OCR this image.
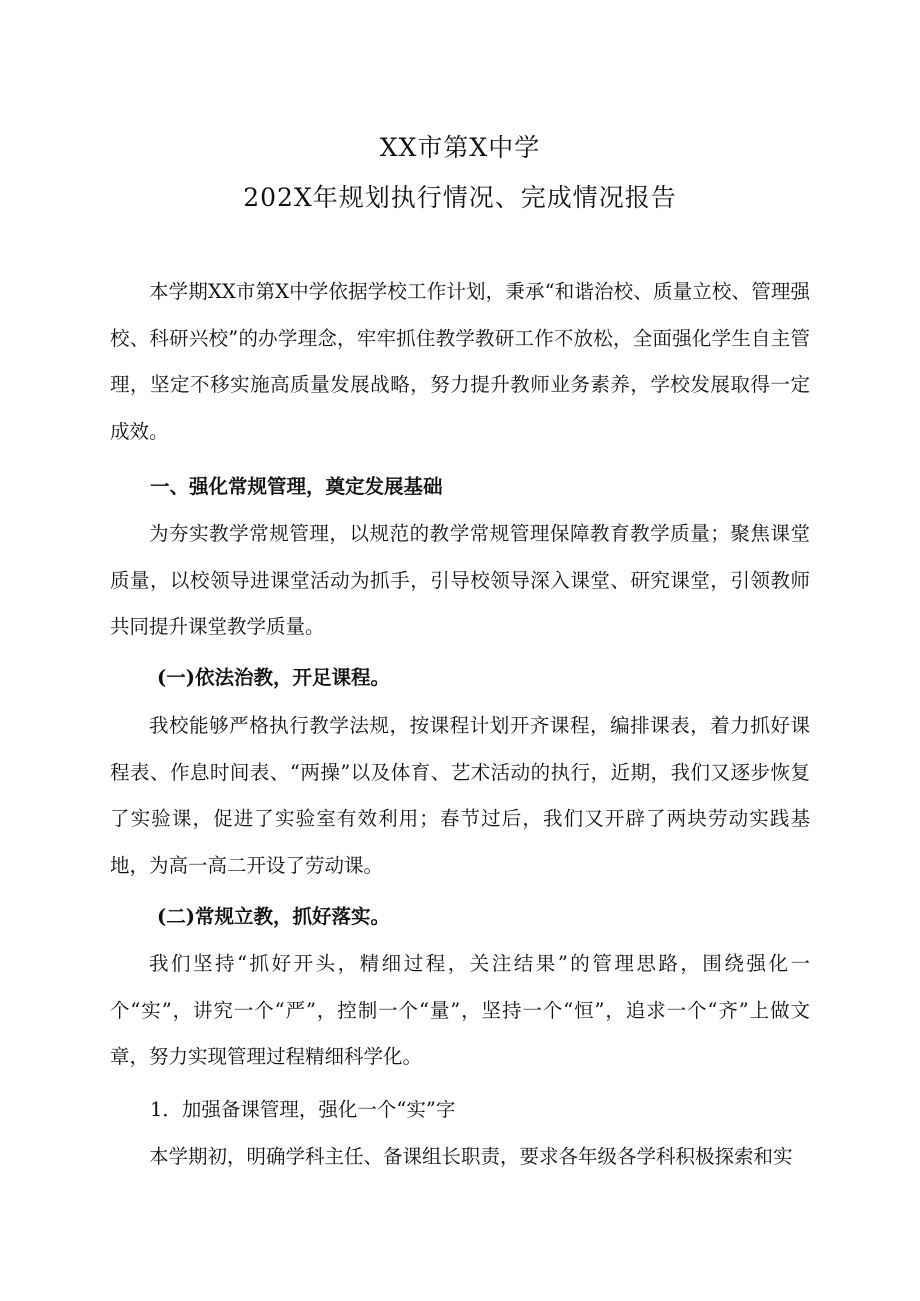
XX市第X中学
202X年规划执行情况、完成情况报告

本学期XX市第X中学依据学校工作计划，秉承“和谐治校、质量立校、管理强校、科研兴校”的办学理念，牢牢抓住教学教研工作不放松，全面强化学生自主管理，坚定不移实施高质量发展战略，努力提升教师业务素养，学校发展取得一定成效。

一、强化常规管理，奠定发展基础

为夯实教学常规管理，以规范的教学常规管理保障教育教学质量；聚焦课堂质量，以校领导进课堂活动为抓手，引导校领导深入课堂、研究课堂，引领教师共同提升课堂教学质量。

(一)依法治教，开足课程。

我校能够严格执行教学法规，按课程计划开齐课程，编排课表，着力抓好课程表、作息时间表、“两操”以及体育、艺术活动的执行，近期，我们又逐步恢复了实验课，促进了实验室有效利用；春节过后，我们又开辟了两块劳动实践基地，为高一高二开设了劳动课。

(二)常规立教，抓好落实。

我们坚持“抓好开头，精细过程，关注结果”的管理思路，围绕强化一个“实”，讲究一个“严”，控制一个“量”，坚持一个“恒”，追求一个“齐”上做文章，努力实现管理过程精细科学化。

1．加强备课管理，强化一个“实”字

本学期初，明确学科主任、备课组长职责，要求各年级各学科积极探索和实
